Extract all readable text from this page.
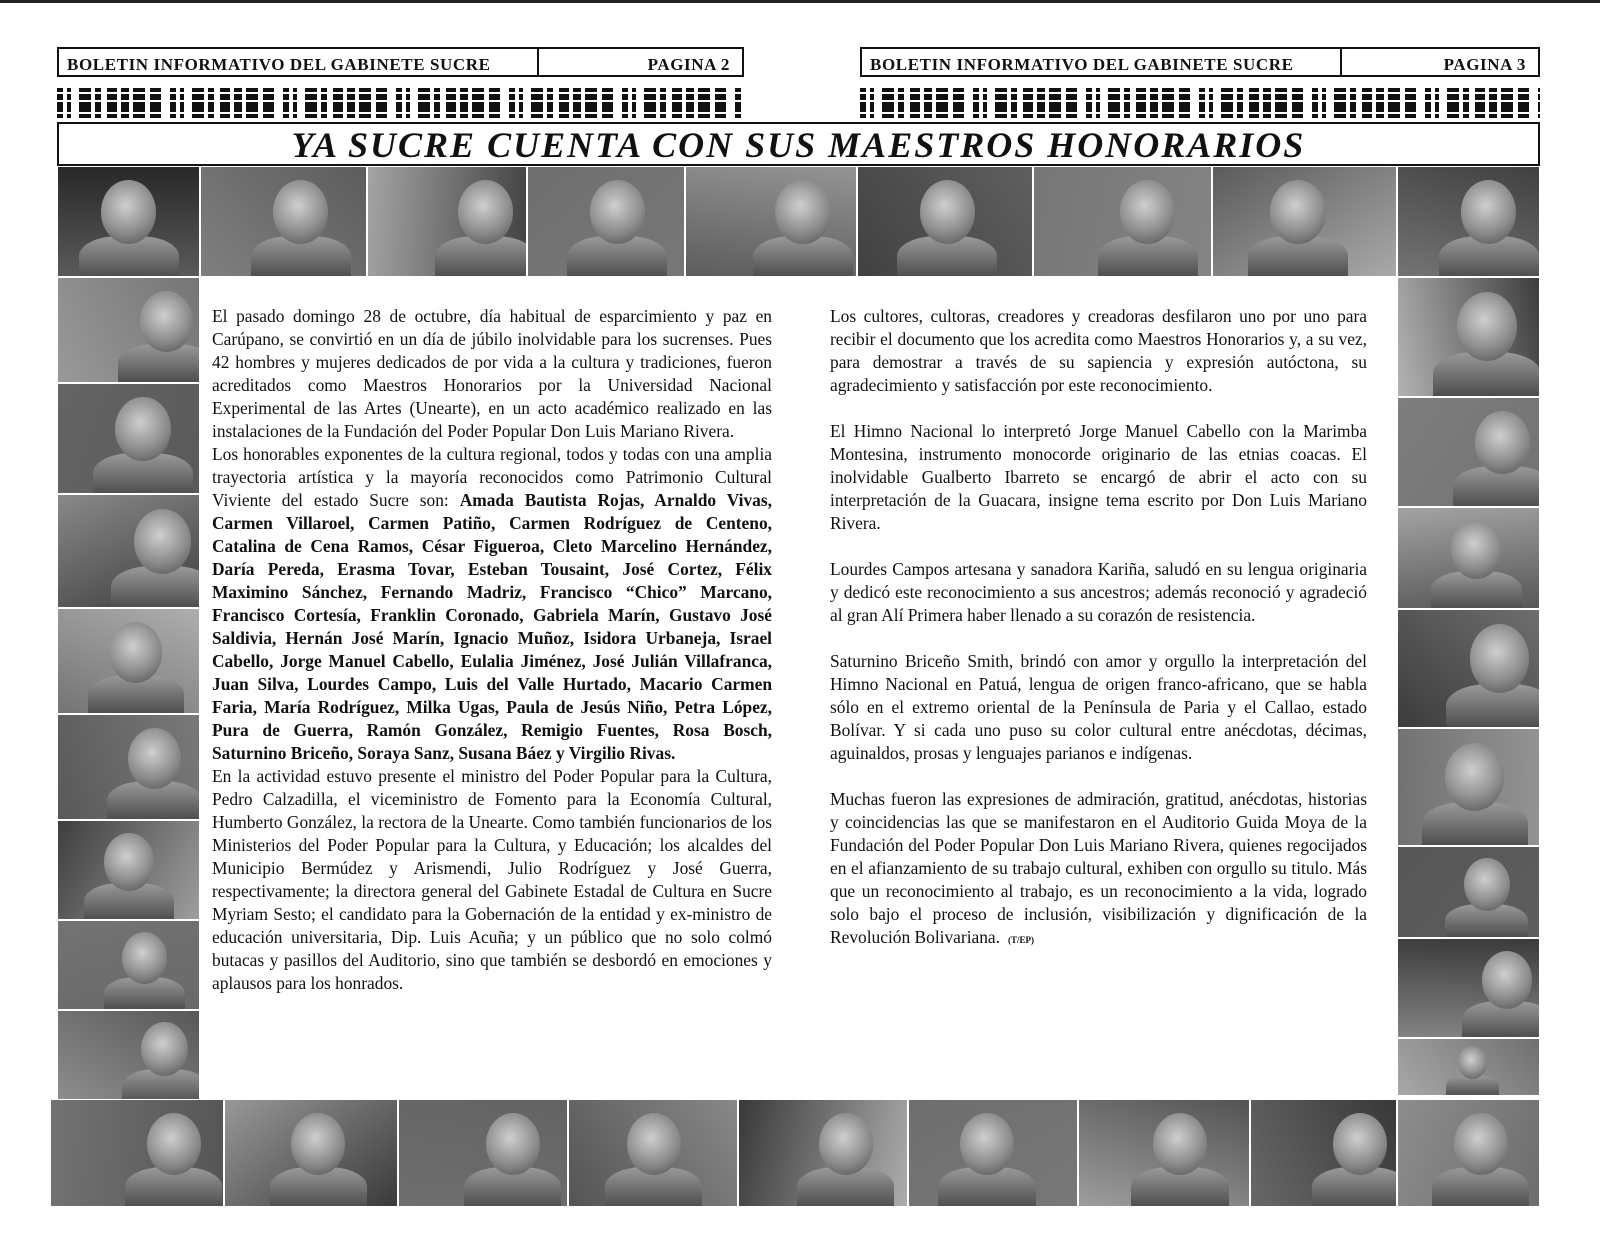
BOLETIN INFORMATIVO DEL GABINETE SUCRE	PAGINA 2	BOLETIN INFORMATIVO DEL GABINETE SUCRE	PAGINA 3
YA SUCRE CUENTA CON SUS MAESTROS HONORARIOS

El pasado domingo 28 de octubre, día habitual de esparcimiento y paz en Carúpano, se convirtió en un día de júbilo inolvidable para los sucrenses. Pues 42 hombres y mujeres dedicados de por vida a la cultura y tradiciones, fueron acreditados como Maestros Honorarios por la Universidad Nacional Experimental de las Artes (Unearte), en un acto académico realizado en las instalaciones de la Fundación del Poder Popular Don Luis Mariano Rivera.

Los honorables exponentes de la cultura regional, todos y todas con una amplia trayectoria artística y la mayoría reconocidos como Patrimonio Cultural Viviente del estado Sucre son: Amada Bautista Rojas, Arnaldo Vivas, Carmen Villaroel, Carmen Patiño, Carmen Rodríguez de Centeno, Catalina de Cena Ramos, César Figueroa, Cleto Marcelino Hernández, Daría Pereda, Erasma Tovar, Esteban Tousaint, José Cortez, Félix Maximino Sánchez, Fernando Madriz, Francisco “Chico” Marcano, Francisco Cortesía, Franklin Coronado, Gabriela Marín, Gustavo José Saldivia, Hernán José Marín, Ignacio Muñoz, Isidora Urbaneja, Israel Cabello, Jorge Manuel Cabello, Eulalia Jiménez, José Julián Villafranca, Juan Silva, Lourdes Campo, Luis del Valle Hurtado, Macario Carmen Faria, María Rodríguez, Milka Ugas, Paula de Jesús Niño, Petra López, Pura de Guerra, Ramón González, Remigio Fuentes, Rosa Bosch, Saturnino Briceño, Soraya Sanz, Susana Báez y Virgilio Rivas.

En la actividad estuvo presente el ministro del Poder Popular para la Cultura, Pedro Calzadilla, el viceministro de Fomento para la Economía Cultural, Humberto González, la rectora de la Unearte. Como también funcionarios de los Ministerios del Poder Popular para la Cultura, y Educación; los alcaldes del Municipio Bermúdez y Arismendi, Julio Rodríguez y José Guerra, respectivamente; la directora general del Gabinete Estadal de Cultura en Sucre Myriam Sesto; el candidato para la Gobernación de la entidad y ex-ministro de educación universitaria, Dip. Luis Acuña; y un público que no solo colmó butacas y pasillos del Auditorio, sino que también se desbordó en emociones y aplausos para los honrados.

Los cultores, cultoras, creadores y creadoras desfilaron uno por uno para recibir el documento que los acredita como Maestros Honorarios y, a su vez, para demostrar a través de su sapiencia y expresión autóctona, su agradecimiento y satisfacción por este reconocimiento.

El Himno Nacional lo interpretó Jorge Manuel Cabello con la Marimba Montesina, instrumento monocorde originario de las etnias coacas. El inolvidable Gualberto Ibarreto se encargó de abrir el acto con su interpretación de la Guacara, insigne tema escrito por Don Luis Mariano Rivera.

Lourdes Campos artesana y sanadora Kariña, saludó en su lengua originaria y dedicó este reconocimiento a sus ancestros; además reconoció y agradeció al gran Alí Primera haber llenado a su corazón de resistencia.

Saturnino Briceño Smith, brindó con amor y orgullo la interpretación del Himno Nacional en Patuá, lengua de origen franco-africano, que se habla sólo en el extremo oriental de la Península de Paria y el Callao, estado Bolívar. Y si cada uno puso su color cultural entre anécdotas, décimas, aguinaldos, prosas y lenguajes parianos e indígenas.

Muchas fueron las expresiones de admiración, gratitud, anécdotas, historias y coincidencias las que se manifestaron en el Auditorio Guida Moya de la Fundación del Poder Popular Don Luis Mariano Rivera, quienes regocijados en el afianzamiento de su trabajo cultural, exhiben con orgullo su titulo. Más que un reconocimiento al trabajo, es un reconocimiento a la vida, logrado solo bajo el proceso de inclusión, visibilización y dignificación de la Revolución Bolivariana. (T/EP)
